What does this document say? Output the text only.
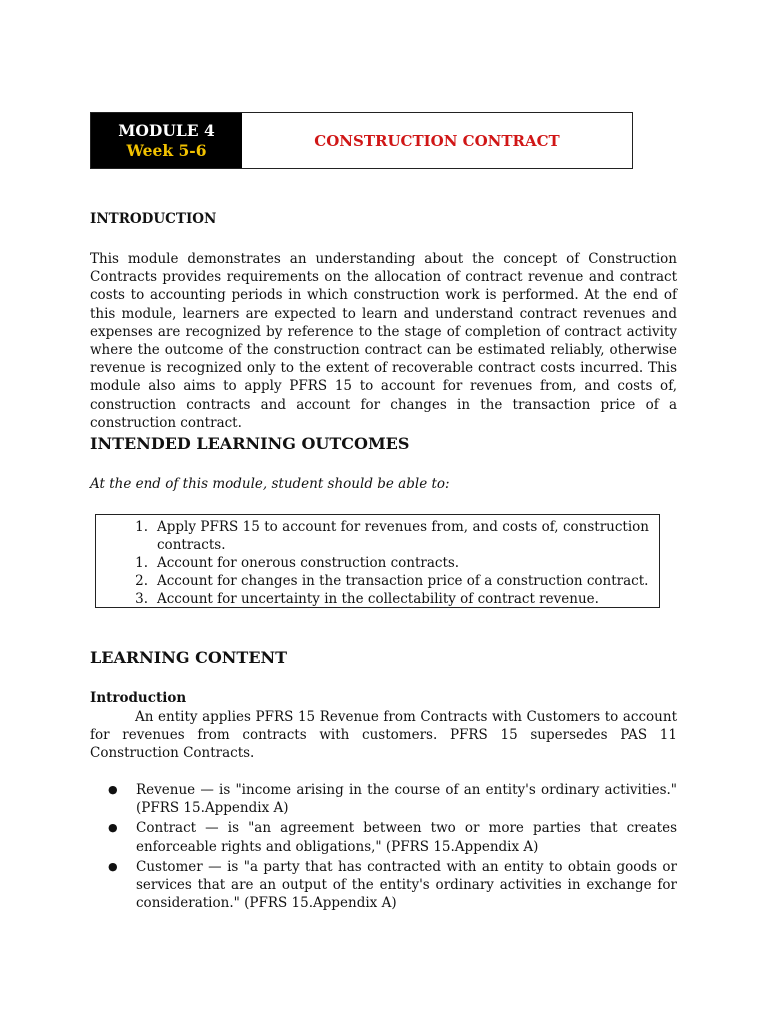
MODULE 4
Week 5-6	CONSTRUCTION CONTRACT
INTRODUCTION
This module demonstrates an understanding about the concept of Construction Contracts provides requirements on the allocation of contract revenue and contract costs to accounting periods in which construction work is performed. At the end of this module, learners are expected to learn and understand contract revenues and expenses are recognized by reference to the stage of completion of contract activity where the outcome of the construction contract can be estimated reliably, otherwise revenue is recognized only to the extent of recoverable contract costs incurred. This module also aims to apply PFRS 15 to account for revenues from, and costs of, construction contracts and account for changes in the transaction price of a construction contract.
INTENDED LEARNING OUTCOMES
At the end of this module, student should be able to:
1. Apply PFRS 15 to account for revenues from, and costs of, construction contracts.
1. Account for onerous construction contracts.
2. Account for changes in the transaction price of a construction contract.
3. Account for uncertainty in the collectability of contract revenue.
LEARNING CONTENT
Introduction
An entity applies PFRS 15 Revenue from Contracts with Customers to account for revenues from contracts with customers. PFRS 15 supersedes PAS 11 Construction Contracts.
●	Revenue — is "income arising in the course of an entity's ordinary activities." (PFRS 15.Appendix A)
●	Contract — is "an agreement between two or more parties that creates enforceable rights and obligations," (PFRS 15.Appendix A)
●	Customer — is "a party that has contracted with an entity to obtain goods or services that are an output of the entity's ordinary activities in exchange for consideration." (PFRS 15.Appendix A)
